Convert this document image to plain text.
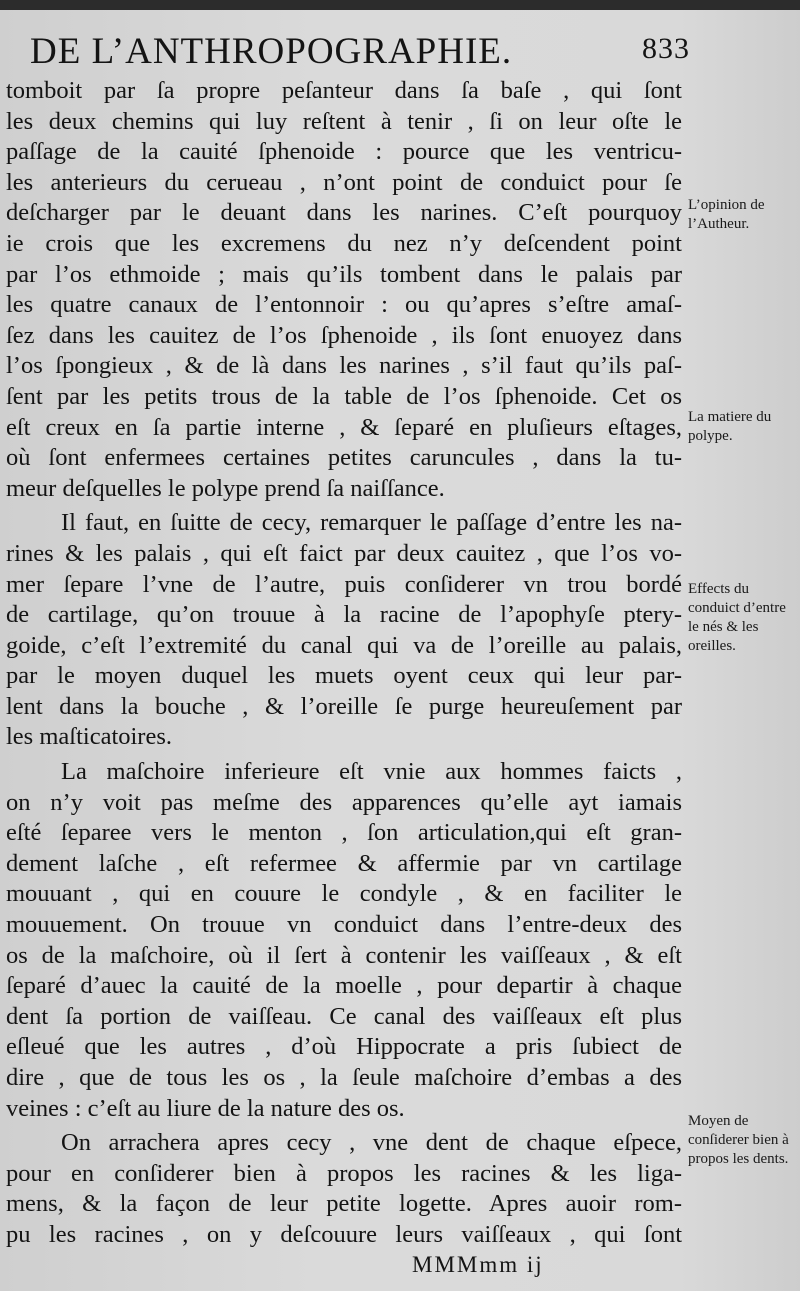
DE L’ANTHROPOGRAPHIE.	833
tomboit par ſa propre peſanteur dans ſa baſe , qui ſont
les deux chemins qui luy reſtent à tenir , ſi on leur oſte le
paſſage de la cauité ſphenoide : pource que les ventricu-
les anterieurs du cerueau , n’ont point de conduict pour ſe
deſcharger par le deuant dans les narines. C’eſt pourquoy
ie crois que les excremens du nez n’y deſcendent point
par l’os ethmoide ; mais qu’ils tombent dans le palais par
les quatre canaux de l’entonnoir : ou qu’apres s’eſtre amaſ-
ſez dans les cauitez de l’os ſphenoide , ils ſont enuoyez dans
l’os ſpongieux , & de là dans les narines , s’il faut qu’ils paſ-
ſent par les petits trous de la table de l’os ſphenoide. Cet os
eſt creux en ſa partie interne , & ſeparé en pluſieurs eſtages,
où ſont enfermees certaines petites caruncules , dans la tu-
meur deſquelles le polype prend ſa naiſſance.
Il faut, en ſuitte de cecy, remarquer le paſſage d’entre les na-
rines & les palais , qui eſt faict par deux cauitez , que l’os vo-
mer ſepare l’vne de l’autre, puis conſiderer vn trou bordé
de cartilage, qu’on trouue à la racine de l’apophyſe ptery-
goide, c’eſt l’extremité du canal qui va de l’oreille au palais,
par le moyen duquel les muets oyent ceux qui leur par-
lent dans la bouche , & l’oreille ſe purge heureuſement par
les maſticatoires.
La maſchoire inferieure eſt vnie aux hommes faicts ,
on n’y voit pas meſme des apparences qu’elle ayt iamais
eſté ſeparee vers le menton , ſon articulation,qui eſt gran-
dement laſche , eſt refermee & affermie par vn cartilage
mouuant , qui en couure le condyle , & en faciliter le
mouuement. On trouue vn conduict dans l’entre-deux des
os de la maſchoire, où il ſert à contenir les vaiſſeaux , & eſt
ſeparé d’auec la cauité de la moelle , pour departir à chaque
dent ſa portion de vaiſſeau. Ce canal des vaiſſeaux eſt plus
eſleué que les autres , d’où Hippocrate a pris ſubiect de
dire , que de tous les os , la ſeule maſchoire d’embas a des
veines : c’eſt au liure de la nature des os.
On arrachera apres cecy , vne dent de chaque eſpece,
pour en conſiderer bien à propos les racines & les liga-
mens, & la façon de leur petite logette. Apres auoir rom-
pu les racines , on y deſcouure leurs vaiſſeaux , qui ſont
L’opinion de l’Autheur.
La matiere du polype.
Effects du conduict d’entre le nés & les oreilles.
Moyen de conſiderer bien à propos les dents.
MMMmm ij
